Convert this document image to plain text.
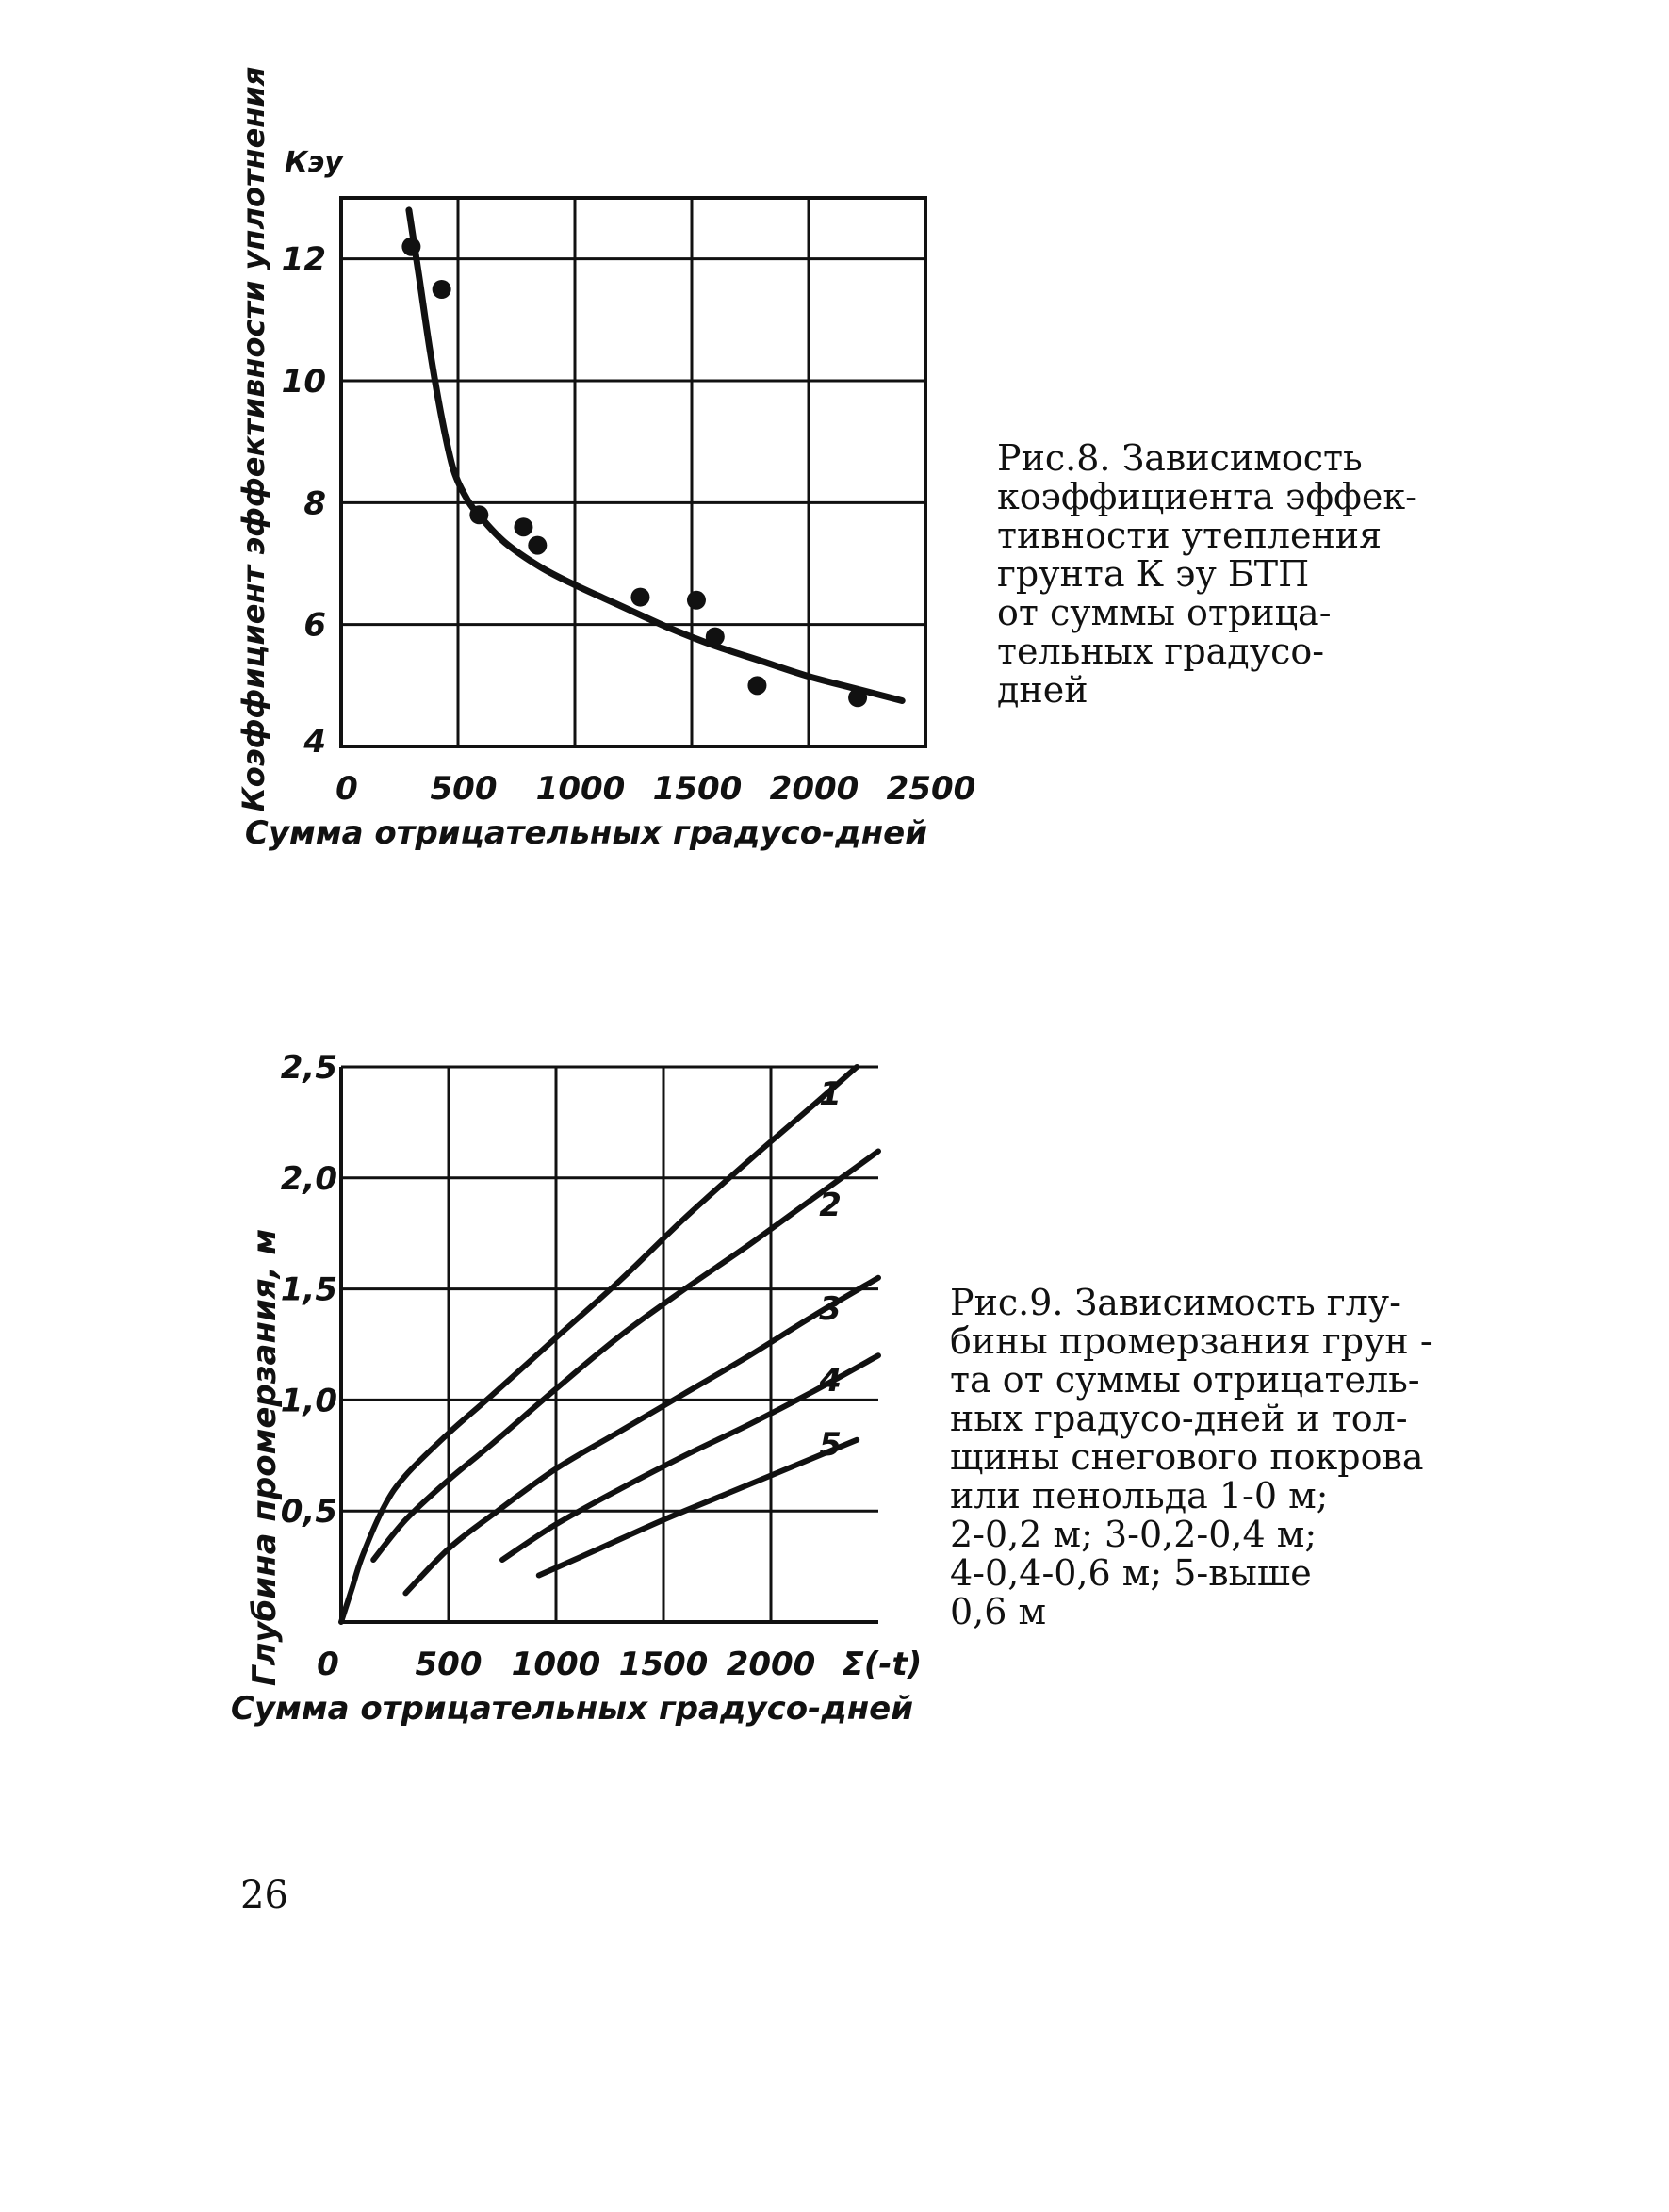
0 500 1000 1500 2000 2500
4
6
8
10
12
Коэффициент эффективности уплотнения Кэу
Сумма отрицательных градусо-дней
0 500 1000 1500 2000 Σ(-t)
0,5
1,0
1,5
2,0
2,5
1
2
3
4
5
Глубина промерзания, м
Сумма отрицательных градусо-дней

Рис.8. Зависимость
коэффициента эффек-
тивности утепления
грунта К эу БТП
от суммы отрица-
тельных градусо-
дней

Рис.9. Зависимость глу-
бины промерзания грун -
та от суммы отрицатель-
ных градусо-дней и тол-
щины снегового покрова
или пенольда 1-0 м;
2-0,2 м; 3-0,2-0,4 м;
4-0,4-0,6 м; 5-выше
0,6 м

26
